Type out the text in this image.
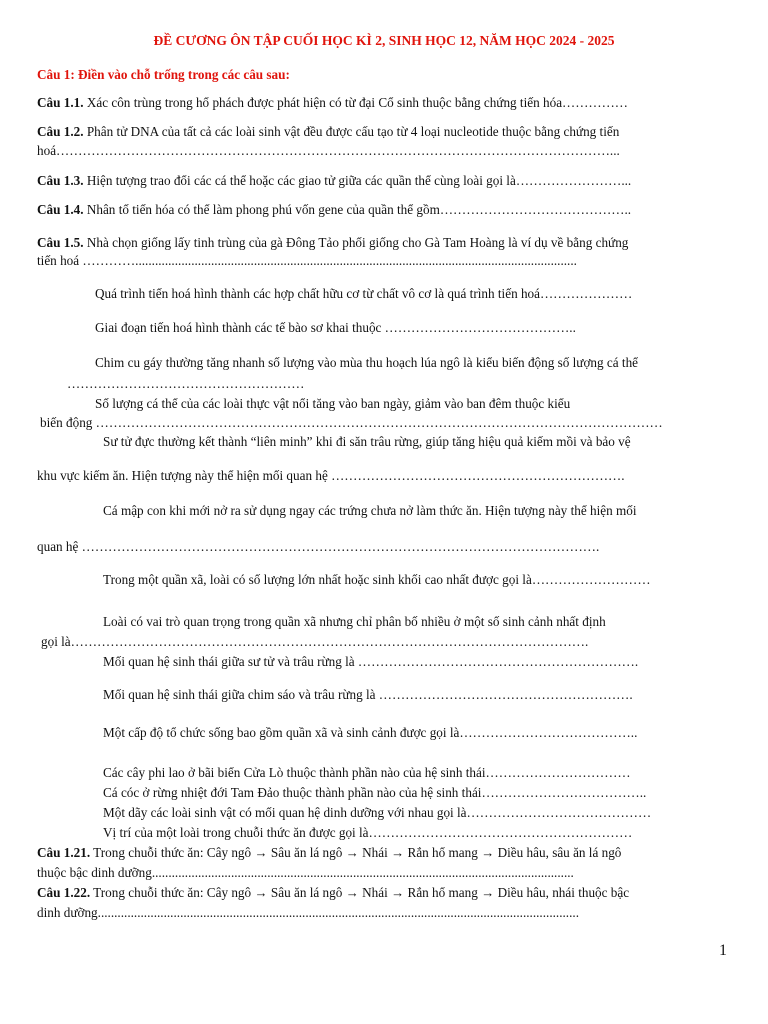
ĐỀ CƯƠNG ÔN TẬP CUỐI HỌC KÌ 2, SINH HỌC 12, NĂM HỌC 2024 - 2025
Câu 1: Điền vào chỗ trống trong các câu sau:
Câu 1.1. Xác côn trùng trong hổ phách được phát hiện có từ đại Cổ sinh thuộc bằng chứng tiến hóa……………
Câu 1.2. Phân tử DNA của tất cả các loài sinh vật đều được cấu tạo từ 4 loại nucleotide thuộc bằng chứng tiến
hoá………………………………………………………………………………………………………………...
Câu 1.3. Hiện tượng trao đổi các cá thể hoặc các giao tử giữa các quần thể cùng loài gọi là……………………...
Câu 1.4. Nhân tố tiến hóa có thể làm phong phú vốn gene của quần thể gồm……………………………………..
Câu 1.5. Nhà chọn giống lấy tinh trùng của gà Đông Tảo phối giống cho Gà Tam Hoàng là ví dụ về bằng chứng
tiến hoá …………......................................................................................................................................
Quá trình tiến hoá hình thành các hợp chất hữu cơ từ chất vô cơ là quá trình tiến hoá…………………
Giai đoạn tiến hoá hình thành các tế bào sơ khai thuộc ……………………………………..
Chim cu gáy thường tăng nhanh số lượng vào mùa thu hoạch lúa ngô là kiểu biến động số lượng cá thể
………………………………………………
Số lượng cá thể của các loài thực vật nổi tăng vào ban ngày, giảm vào ban đêm thuộc kiểu
biến động …………………………………………………………………………………………………………………
Sư tử đực thường kết thành “liên minh” khi đi săn trâu rừng, giúp tăng hiệu quả kiếm mồi và bảo vệ
khu vực kiếm ăn. Hiện tượng này thể hiện mối quan hệ ………………………………………………………….
Cá mập con khi mới nở ra sử dụng ngay các trứng chưa nở làm thức ăn. Hiện tượng này thể hiện mối
quan hệ ……………………………………………………………………………………………………….
Trong một quần xã, loài có số lượng lớn nhất hoặc sinh khối cao nhất được gọi là………………………
Loài có vai trò quan trọng trong quần xã nhưng chỉ phân bố nhiều ở một số sinh cảnh nhất định
gọi là……………………………………………………………………………………………………….
Mối quan hệ sinh thái giữa sư tử và trâu rừng là ……………………………………………………….
Mối quan hệ sinh thái giữa chim sáo và trâu rừng là ………………………………………………….
Một cấp độ tổ chức sống bao gồm quần xã và sinh cảnh được gọi là…………………………………..
Các cây phi lao ở bãi biển Cửa Lò thuộc thành phần nào của hệ sinh thái……………………………
Cá cóc ở rừng nhiệt đới Tam Đảo thuộc thành phần nào của hệ sinh thái………………………………..
Một dãy các loài sinh vật có mối quan hệ dinh dưỡng với nhau gọi là……………………………………
Vị trí của một loài trong chuỗi thức ăn được gọi là……………………………………………………
Câu 1.21. Trong chuỗi thức ăn: Cây ngô → Sâu ăn lá ngô → Nhái → Rắn hổ mang → Diều hâu, sâu ăn lá ngô
thuộc bậc dinh dưỡng................................................................................................................................
Câu 1.22. Trong chuỗi thức ăn: Cây ngô → Sâu ăn lá ngô → Nhái → Rắn hổ mang → Diều hâu, nhái thuộc bậc
dinh dưỡng..................................................................................................................................................
1
